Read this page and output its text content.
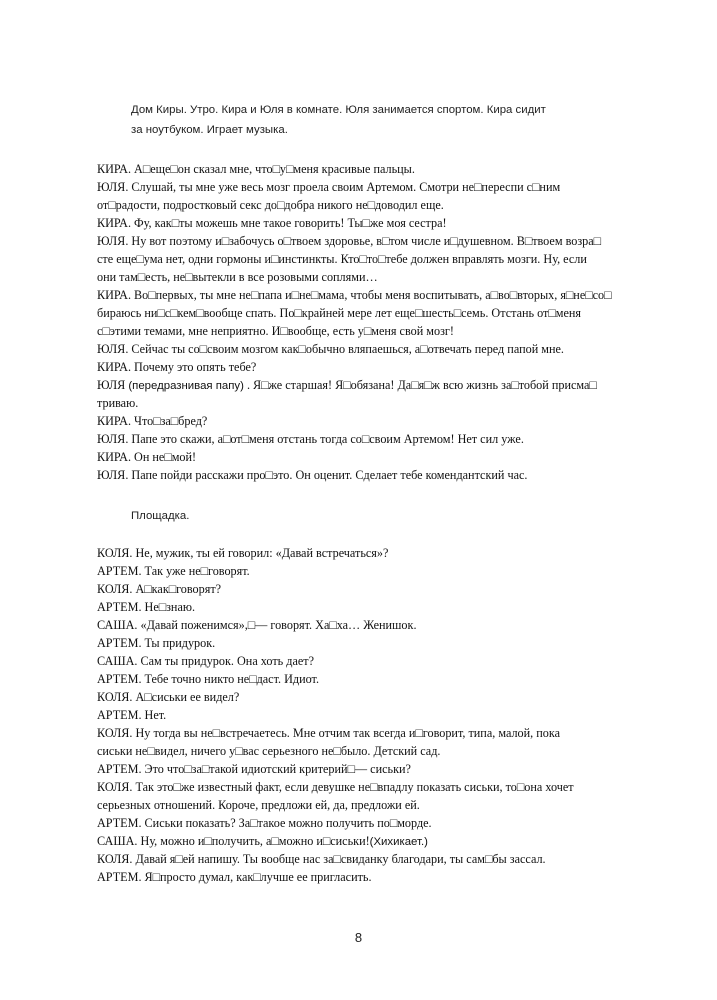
Дом Киры. Утро. Кира и Юля в комнате. Юля занимается спортом. Кира сидит
за ноутбуком. Играет музыка.
КИРА. А□еще□он сказал мне, что□у□меня красивые пальцы.
ЮЛЯ. Слушай, ты мне уже весь мозг проела своим Артемом. Смотри не□переспи с□ним
от□радости, подростковый секс до□добра никого не□доводил еще.
КИРА. Фу, как□ты можешь мне такое говорить! Ты□же моя сестра!
ЮЛЯ. Ну вот поэтому и□забочусь о□твоем здоровье, в□том числе и□душевном. В□твоем возра□
сте еще□ума нет, одни гормоны и□инстинкты. Кто□то□тебе должен вправлять мозги. Ну, если
они там□есть, не□вытекли в все розовыми соплями…
КИРА. Во□первых, ты мне не□папа и□не□мама, чтобы меня воспитывать, а□во□вторых, я□не□со□
бираюсь ни□с□кем□вообще спать. По□крайней мере лет еще□шесть□семь. Отстань от□меня
с□этими темами, мне неприятно. И□вообще, есть у□меня свой мозг!
ЮЛЯ. Сейчас ты со□своим мозгом как□обычно вляпаешься, а□отвечать перед папой мне.
КИРА. Почему это опять тебе?
ЮЛЯ (передразнивая папу) . Я□же старшая! Я□обязана! Да□я□ж всю жизнь за□тобой присма□
триваю.
КИРА. Что□за□бред?
ЮЛЯ. Папе это скажи, а□от□меня отстань тогда со□своим Артемом! Нет сил уже.
КИРА. Он не□мой!
ЮЛЯ. Папе пойди расскажи про□это. Он оценит. Сделает тебе комендантский час.
Площадка.
КОЛЯ. Не, мужик, ты ей говорил: «Давай встречаться»?
АРТЕМ. Так уже не□говорят.
КОЛЯ. А□как□говорят?
АРТЕМ. Не□знаю.
САША. «Давай поженимся»,□— говорят. Ха□ха… Женишок.
АРТЕМ. Ты придурок.
САША. Сам ты придурок. Она хоть дает?
АРТЕМ. Тебе точно никто не□даст. Идиот.
КОЛЯ. А□сиськи ее видел?
АРТЕМ. Нет.
КОЛЯ. Ну тогда вы не□встречаетесь. Мне отчим так всегда и□говорит, типа, малой, пока
сиськи не□видел, ничего у□вас серьезного не□было. Детский сад.
АРТЕМ. Это что□за□такой идиотский критерий□— сиськи?
КОЛЯ. Так это□же известный факт, если девушке не□впадлу показать сиськи, то□она хочет
серьезных отношений. Короче, предложи ей, да, предложи ей.
АРТЕМ. Сиськи показать? За□такое можно получить по□морде.
САША. Ну, можно и□получить, а□можно и□сиськи!(Хихикает.)
КОЛЯ. Давай я□ей напишу. Ты вообще нас за□свиданку благодари, ты сам□бы зассал.
АРТЕМ. Я□просто думал, как□лучше ее пригласить.
8
